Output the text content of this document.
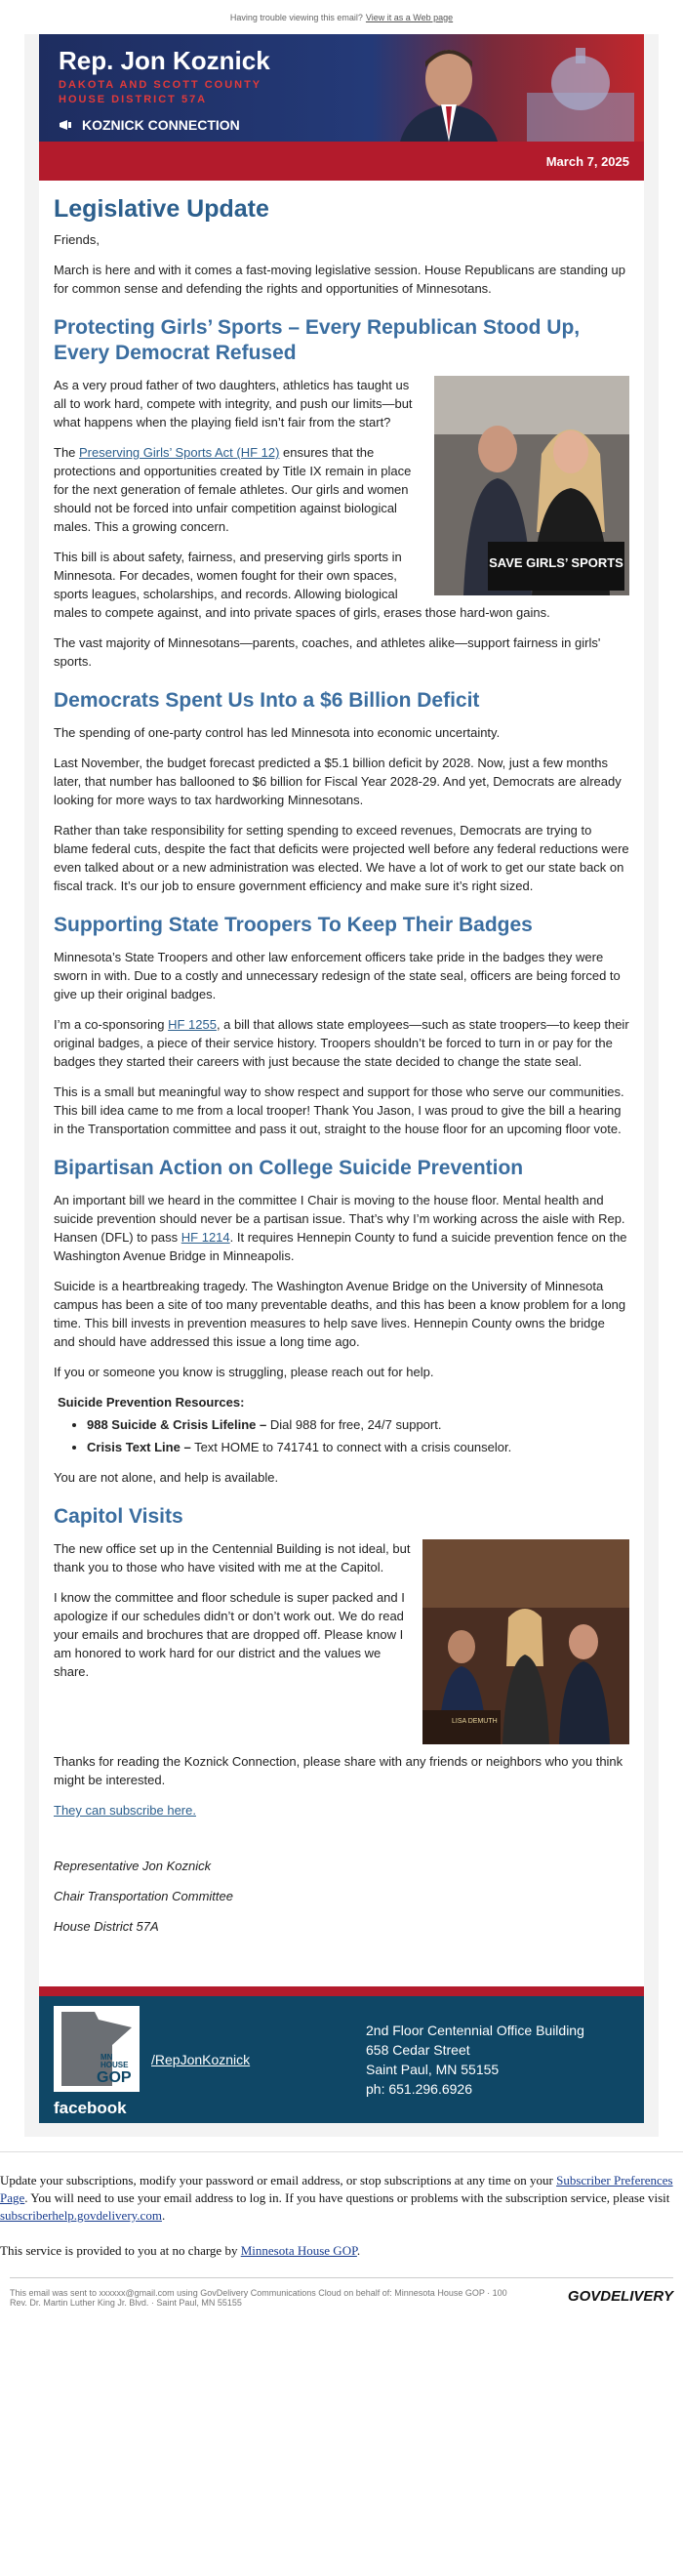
Having trouble viewing this email? View it as a Web page
Rep. Jon Koznick
DAKOTA AND SCOTT COUNTY
HOUSE DISTRICT 57A
KOZNICK CONNECTION
March 7, 2025
Legislative Update

Friends,

March is here and with it comes a fast-moving legislative session. House Republicans are standing up for common sense and defending the rights and opportunities of Minnesotans.

Protecting Girls’ Sports – Every Republican Stood Up, Every Democrat Refused
SAVE GIRLS’ SPORTS

As a very proud father of two daughters, athletics has taught us all to work hard, compete with integrity, and push our limits—but what happens when the playing field isn’t fair from the start?

The Preserving Girls’ Sports Act (HF 12) ensures that the protections and opportunities created by Title IX remain in place for the next generation of female athletes. Our girls and women should not be forced into unfair competition against biological males. This a growing concern.

This bill is about safety, fairness, and preserving girls sports in Minnesota. For decades, women fought for their own spaces, sports leagues, scholarships, and records. Allowing biological males to compete against, and into private spaces of girls, erases those hard-won gains.

The vast majority of Minnesotans—parents, coaches, and athletes alike—support fairness in girls' sports.

Democrats Spent Us Into a $6 Billion Deficit

The spending of one-party control has led Minnesota into economic uncertainty.

Last November, the budget forecast predicted a $5.1 billion deficit by 2028. Now, just a few months later, that number has ballooned to $6 billion for Fiscal Year 2028-29. And yet, Democrats are already looking for more ways to tax hardworking Minnesotans.

Rather than take responsibility for setting spending to exceed revenues, Democrats are trying to blame federal cuts, despite the fact that deficits were projected well before any federal reductions were even talked about or a new administration was elected. We have a lot of work to get our state back on fiscal track. It’s our job to ensure government efficiency and make sure it’s right sized.

Supporting State Troopers To Keep Their Badges

Minnesota’s State Troopers and other law enforcement officers take pride in the badges they were sworn in with. Due to a costly and unnecessary redesign of the state seal, officers are being forced to give up their original badges.

I’m a co-sponsoring HF 1255, a bill that allows state employees—such as state troopers—to keep their original badges, a piece of their service history. Troopers shouldn’t be forced to turn in or pay for the badges they started their careers with just because the state decided to change the state seal.

This is a small but meaningful way to show respect and support for those who serve our communities. This bill idea came to me from a local trooper! Thank You Jason, I was proud to give the bill a hearing in the Transportation committee and pass it out, straight to the house floor for an upcoming floor vote.

Bipartisan Action on College Suicide Prevention

An important bill we heard in the committee I Chair is moving to the house floor. Mental health and suicide prevention should never be a partisan issue. That’s why I’m working across the aisle with Rep. Hansen (DFL) to pass HF 1214. It requires Hennepin County to fund a suicide prevention fence on the Washington Avenue Bridge in Minneapolis.

Suicide is a heartbreaking tragedy. The Washington Avenue Bridge on the University of Minnesota campus has been a site of too many preventable deaths, and this has been a know problem for a long time. This bill invests in prevention measures to help save lives. Hennepin County owns the bridge and should have addressed this issue a long time ago.

If you or someone you know is struggling, please reach out for help.

Suicide Prevention Resources:

• 988 Suicide & Crisis Lifeline – Dial 988 for free, 24/7 support.
• Crisis Text Line – Text HOME to 741741 to connect with a crisis counselor.

You are not alone, and help is available.

Capitol Visits
LISA DEMUTH

The new office set up in the Centennial Building is not ideal, but thank you to those who have visited with me at the Capitol.

I know the committee and floor schedule is super packed and I apologize if our schedules didn’t or don’t work out. We do read your emails and brochures that are dropped off. Please know I am honored to work hard for our district and the values we share.

Thanks for reading the Koznick Connection, please share with any friends or neighbors who you think might be interested.

They can subscribe here.

Representative Jon Koznick

Chair Transportation Committee

House District 57A

MN
HOUSE
GOP
facebook
/RepJonKoznick
2nd Floor Centennial Office Building
658 Cedar Street
Saint Paul, MN 55155
ph: 651.296.6926

Update your subscriptions, modify your password or email address, or stop subscriptions at any time on your Subscriber Preferences Page. You will need to use your email address to log in. If you have questions or problems with the subscription service, please visit subscriberhelp.govdelivery.com.

This service is provided to you at no charge by Minnesota House GOP.

This email was sent to xxxxxx@gmail.com using GovDelivery Communications Cloud on behalf of: Minnesota House GOP · 100
Rev. Dr. Martin Luther King Jr. Blvd. · Saint Paul, MN 55155	GOVDELIVERY
